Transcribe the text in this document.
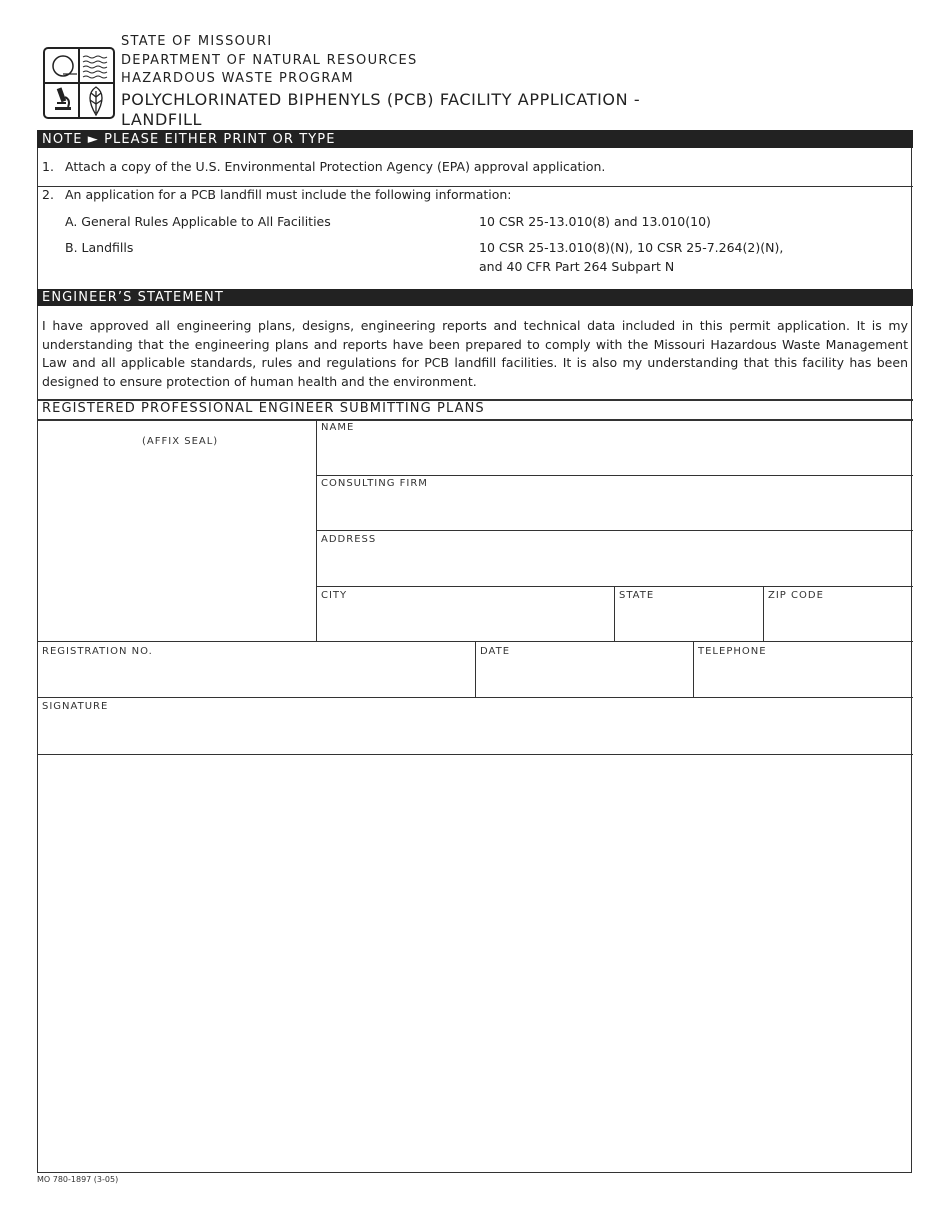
STATE OF MISSOURI
DEPARTMENT OF NATURAL RESOURCES
HAZARDOUS WASTE PROGRAM
POLYCHLORINATED BIPHENYLS (PCB) FACILITY APPLICATION -
LANDFILL
NOTE ► PLEASE EITHER PRINT OR TYPE
1. Attach a copy of the U.S. Environmental Protection Agency (EPA) approval application.
2. An application for a PCB landfill must include the following information:
A. General Rules Applicable to All Facilities	10 CSR 25-13.010(8) and 13.010(10)
B. Landfills	10 CSR 25-13.010(8)(N), 10 CSR 25-7.264(2)(N),
and 40 CFR Part 264 Subpart N
ENGINEER’S STATEMENT
I have approved all engineering plans, designs, engineering reports and technical data included in this permit application. It is my understanding that the engineering plans and reports have been prepared to comply with the Missouri Hazardous Waste Management Law and all applicable standards, rules and regulations for PCB landfill facilities. It is also my understanding that this facility has been designed to ensure protection of human health and the environment.
REGISTERED PROFESSIONAL ENGINEER SUBMITTING PLANS
(AFFIX SEAL)
NAME
CONSULTING FIRM
ADDRESS
CITY	STATE	ZIP CODE
REGISTRATION NO.	DATE	TELEPHONE
SIGNATURE
MO 780-1897 (3-05)
